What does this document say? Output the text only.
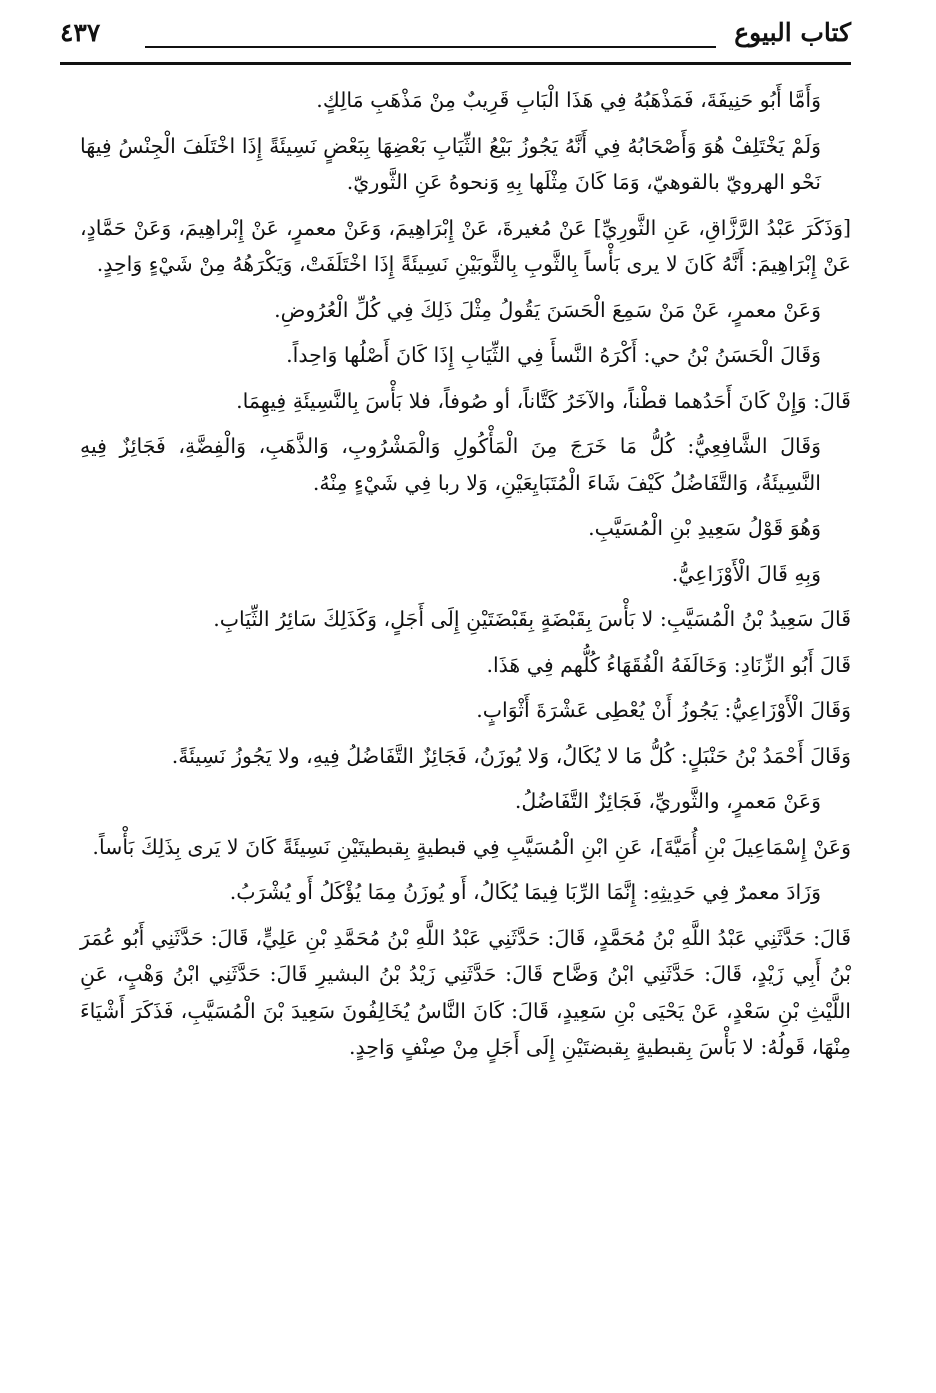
كتاب البيوع
٤٣٧

وَأَمَّا أَبُو حَنِيفَةَ، فَمَذْهَبُهُ فِي هَذَا الْبَابِ قَرِيبٌ مِنْ مَذْهَبِ مَالِكٍ.

وَلَمْ يَخْتَلِفْ هُوَ وَأَصْحَابُهُ فِي أَنَّهُ يَجُوزُ بَيْعُ الثِّيَابِ بَعْضِهَا بِبَعْضٍ نَسِيئَةً إِذَا اخْتَلَفَ الْجِنْسُ فِيهَا نَحْو الهرويّ بالقوهيّ، وَمَا كَانَ مِثْلَها بِهِ وَنحوهُ عَنِ الثَّوريّ.

[وَذَكَرَ عَبْدُ الرَّزَّاقِ، عَنِ الثَّورِيِّ] عَنْ مُغيرةَ، عَنْ إِبْرَاهِيمَ، وَعَنْ معمرٍ، عَنْ إِبْراهِيمَ، وَعَنْ حَمَّادٍ، عَنْ إِبْرَاهِيمَ: أَنَّهُ كَانَ لا يرى بَأْساً بِالثَّوبِ بِالثَّوبَيْنِ نَسِيئَةً إِذَا اخْتَلَفَتْ، وَيَكْرَهُهُ مِنْ شَيْءٍ وَاحِدٍ.

وَعَنْ معمرٍ، عَنْ مَنْ سَمِعَ الْحَسَنَ يَقُولُ مِثْلَ ذَلِكَ فِي كُلِّ الْعُرُوضِ.

وَقَالَ الْحَسَنُ بْنُ حي: أَكْرَهُ النَّسأَ فِي الثِّيَابِ إِذَا كَانَ أَصْلُها وَاحِداً.

قَالَ: وَإِنْ كَانَ أَحَدُهما قطْناً، والآخَرُ كَتَّاناً، أو صُوفاً، فلا بَأْسَ بِالنَّسِيئَةِ فِيهِمَا.

وَقَالَ الشَّافِعِيُّ: كُلُّ مَا خَرَجَ مِنَ الْمَأْكُولِ وَالْمَشْرُوبِ، وَالذَّهَبِ، وَالْفِضَّةِ، فَجَائِزٌ فِيهِ النَّسِيئَةُ، وَالتَّفَاضُلُ كَيْفَ شَاءَ الْمُتَبَايِعَيْنِ، وَلا ربا فِي شَيْءٍ مِنْهُ.

وَهُوَ قَوْلُ سَعِيدِ بْنِ الْمُسَيَّبِ.

وَبِهِ قَالَ الْأَوْزَاعِيُّ.

قَالَ سَعِيدُ بْنُ الْمُسَيَّبِ: لا بَأْسَ بِقَبْضَةٍ بِقَبْضَتَيْنِ إِلَى أَجَلٍ، وَكَذَلِكَ سَائِرُ الثِّيَابِ.

قَالَ أَبُو الزِّنَادِ: وَخَالَفَهُ الْفُقَهَاءُ كُلُّهم فِي هَذَا.

وَقَالَ الْأَوْزَاعِيُّ: يَجُوزُ أَنْ يُعْطِى عَشْرَةَ أَثْوَابٍ.

وَقَالَ أَحْمَدُ بْنُ حَنْبَلٍ: كُلُّ مَا لا يُكَالُ، وَلا يُوزَنُ، فَجَائِزٌ التَّفَاضُلُ فِيهِ، ولا يَجُوزُ نَسِيئَةً.

وَعَنْ مَعمرٍ، والثَّوريِّ، فَجَائِزٌ التَّفَاضُلُ.

وَعَنْ إِسْمَاعِيلَ بْنِ أُمَيَّةَ]، عَنِ ابْنِ الْمُسَيَّبِ فِي قبطيةٍ بِقبطيتَيْنِ نَسِيئَةً كَانَ لا يَرى بِذَلِكَ بَأْساً.

وَزَادَ معمرٌ فِي حَدِيثِهِ: إِنَّمَا الرِّبَا فِيمَا يُكَالُ، أَو يُوزَنُ مِمَا يُؤْكَلُ أَو يُشْرَبُ.

قَالَ: حَدَّثَنِي عَبْدُ اللَّهِ بْنُ مُحَمَّدٍ، قَالَ: حَدَّثَنِي عَبْدُ اللَّهِ بْنُ مُحَمَّدِ بْنِ عَلِيٍّ، قَالَ: حَدَّثَنِي أَبُو عُمَرَ بْنُ أَبِي زَيْدٍ، قَالَ: حَدَّثَنِي ابْنُ وَضَّاح قَالَ: حَدَّثَنِي زَيْدُ بْنُ البشيرِ قَالَ: حَدَّثَنِي ابْنُ وَهْبٍ، عَنِ اللَّيْثِ بْنِ سَعْدٍ، عَنْ يَحْيَى بْنِ سَعِيدٍ، قَالَ: كَانَ النَّاسُ يُخَالِفُونَ سَعِيدَ بْنَ الْمُسَيَّبِ، فَذَكَرَ أَشْيَاءَ مِنْهَا، قَولُهُ: لا بَأْسَ بِقبطيةٍ بِقبضتَيْنِ إِلَى أَجَلٍ مِنْ صِنْفٍ وَاحِدٍ.
